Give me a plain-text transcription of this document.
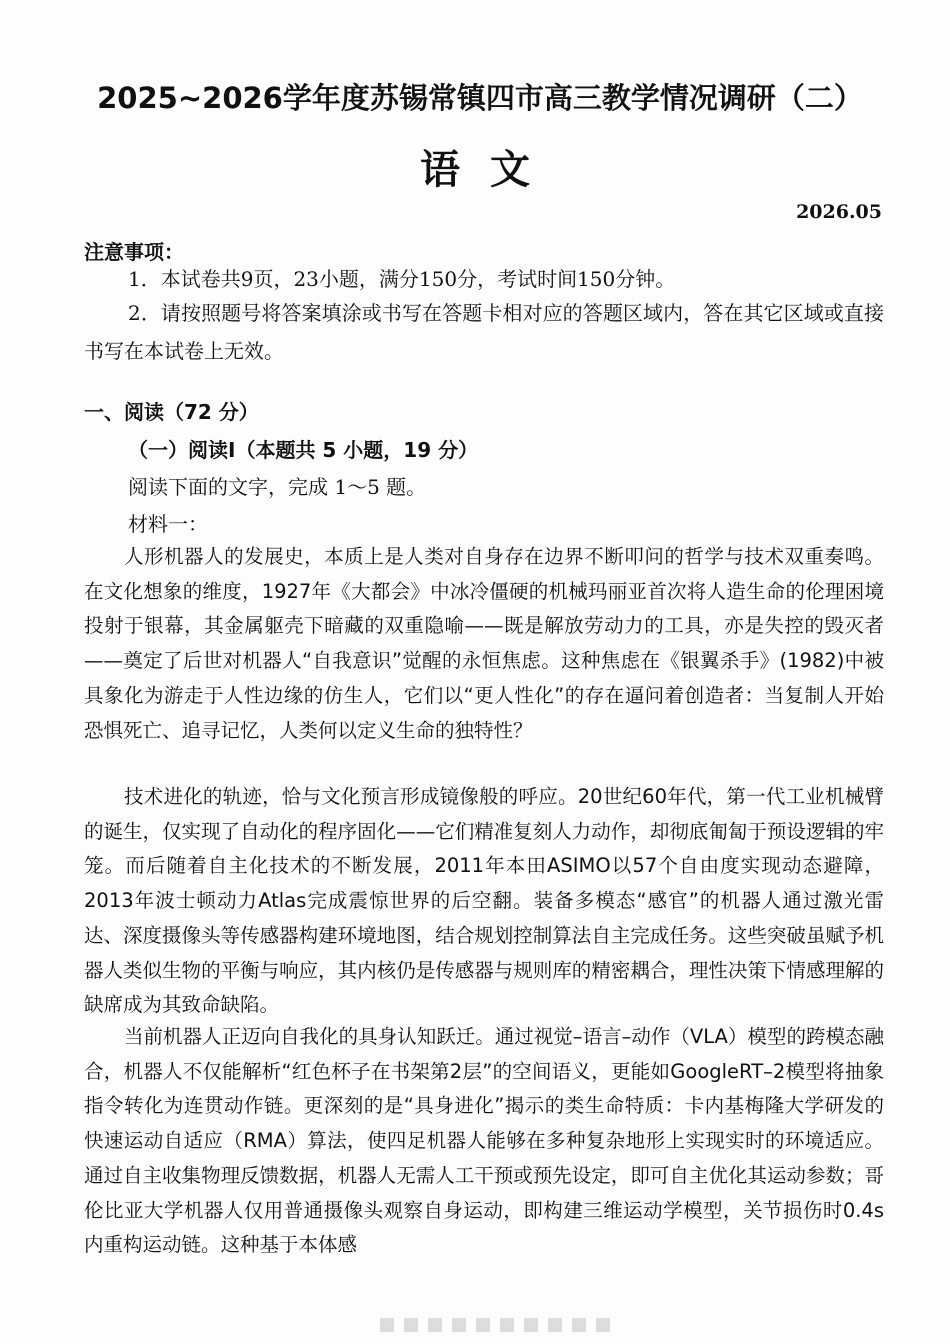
2025~2026学年度苏锡常镇四市高三教学情况调研（二）
语文
2026.05
注意事项：
1．本试卷共9页，23小题，满分150分，考试时间150分钟。
2．请按照题号将答案填涂或书写在答题卡相对应的答题区域内，答在其它区域或直接书写在本试卷上无效。
一、阅读（72 分）
（一）阅读Ⅰ（本题共 5 小题，19 分）
阅读下面的文字，完成 1～5 题。
材料一：
人形机器人的发展史，本质上是人类对自身存在边界不断叩问的哲学与技术双重奏鸣。在文化想象的维度，1927年《大都会》中冰冷僵硬的机械玛丽亚首次将人造生命的伦理困境投射于银幕，其金属躯壳下暗藏的双重隐喻——既是解放劳动力的工具，亦是失控的毁灭者——奠定了后世对机器人“自我意识”觉醒的永恒焦虑。这种焦虑在《银翼杀手》(1982)中被具象化为游走于人性边缘的仿生人，它们以“更人性化”的存在逼问着创造者：当复制人开始恐惧死亡、追寻记忆，人类何以定义生命的独特性？
技术进化的轨迹，恰与文化预言形成镜像般的呼应。20世纪60年代，第一代工业机械臂的诞生，仅实现了自动化的程序固化——它们精准复刻人力动作，却彻底匍匐于预设逻辑的牢笼。而后随着自主化技术的不断发展，2011年本田ASIMO以57个自由度实现动态避障，2013年波士顿动力Atlas完成震惊世界的后空翻。装备多模态“感官”的机器人通过激光雷达、深度摄像头等传感器构建环境地图，结合规划控制算法自主完成任务。这些突破虽赋予机器人类似生物的平衡与响应，其内核仍是传感器与规则库的精密耦合，理性决策下情感理解的缺席成为其致命缺陷。
当前机器人正迈向自我化的具身认知跃迁。通过视觉–语言–动作（VLA）模型的跨模态融合，机器人不仅能解析“红色杯子在书架第2层”的空间语义，更能如GoogleRT–2模型将抽象指令转化为连贯动作链。更深刻的是“具身进化”揭示的类生命特质：卡内基梅隆大学研发的快速运动自适应（RMA）算法，使四足机器人能够在多种复杂地形上实现实时的环境适应。通过自主收集物理反馈数据，机器人无需人工干预或预先设定，即可自主优化其运动参数；哥伦比亚大学机器人仅用普通摄像头观察自身运动，即构建三维运动学模型，关节损伤时0.4s内重构运动链。这种基于本体感
